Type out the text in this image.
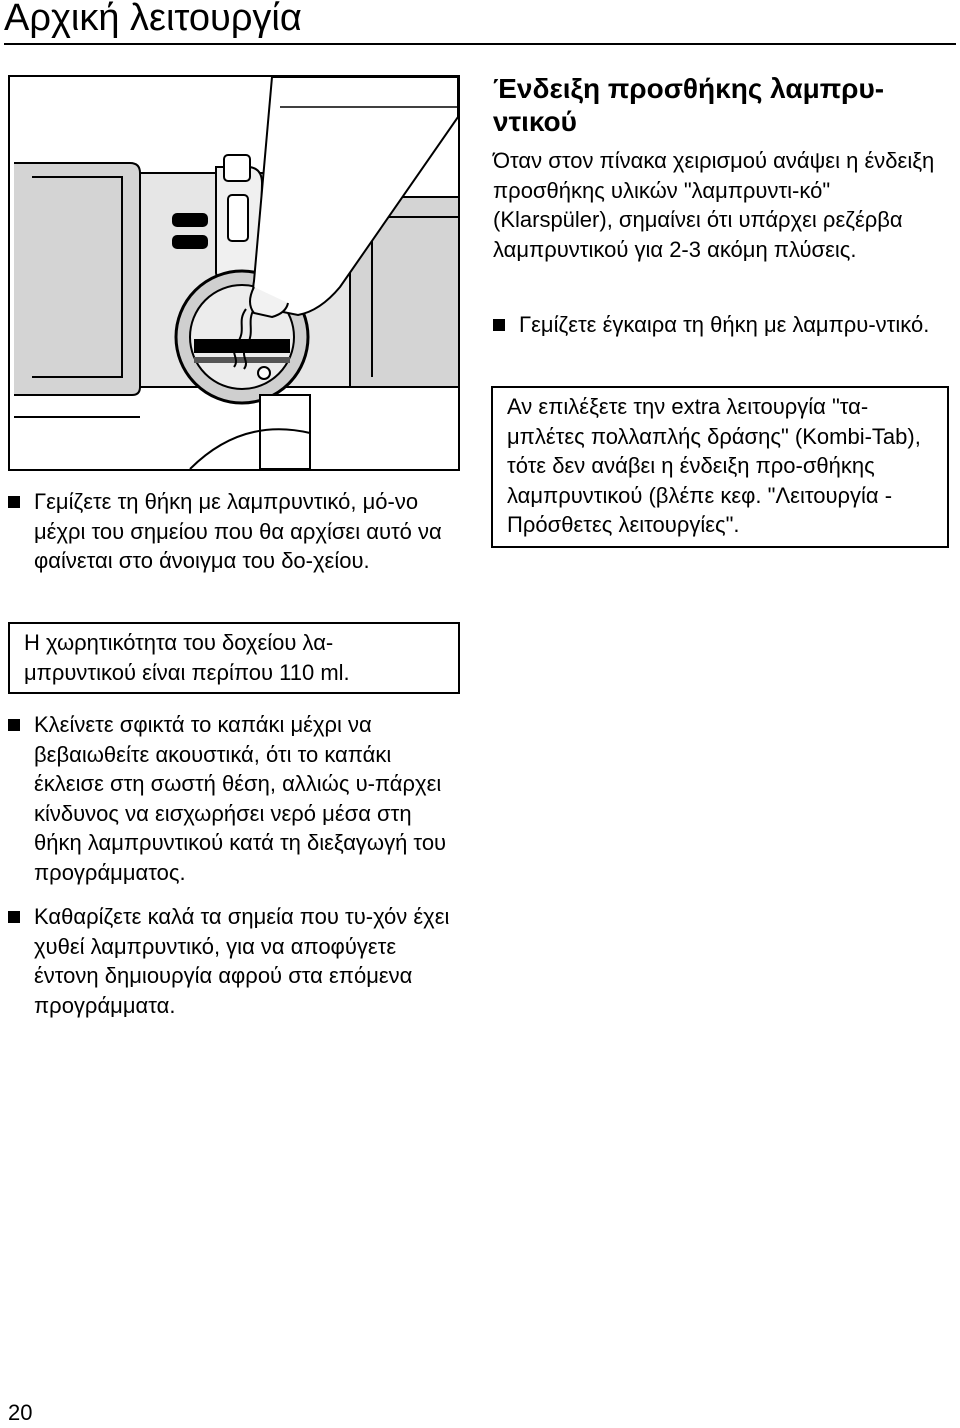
Αρχική λειτουργία
Γεμίζετε τη θήκη με λαμπρυντικό, μό-νο μέχρι του σημείου που θα αρχίσει αυτό να φαίνεται στο άνοιγμα του δο-χείου.
Η χωρητικότητα του δοχείου λα-μπρυντικού είναι περίπου 110 ml.
Κλείνετε σφικτά το καπάκι μέχρι να βεβαιωθείτε ακουστικά, ότι το καπάκι έκλεισε στη σωστή θέση, αλλιώς υ-πάρχει κίνδυνος να εισχωρήσει νερό μέσα στη θήκη λαμπρυντικού κατά τη διεξαγωγή του προγράμματος.
Καθαρίζετε καλά τα σημεία που τυ-χόν έχει χυθεί λαμπρυντικό, για να αποφύγετε έντονη δημιουργία αφρού στα επόμενα προγράμματα.
Ένδειξη προσθήκης λαμπρυ-ντικού
Όταν στον πίνακα χειρισμού ανάψει η ένδειξη προσθήκης υλικών "λαμπρυντι-κό" (Klarspüler), σημαίνει ότι υπάρχει ρεζέρβα λαμπρυντικού για 2-3 ακόμη πλύσεις.
Γεμίζετε έγκαιρα τη θήκη με λαμπρυ-ντικό.
Αν επιλέξετε την extra λειτουργία "τα-μπλέτες πολλαπλής δράσης" (Kombi-Tab), τότε δεν ανάβει η ένδειξη προ-σθήκης λαμπρυντικού (βλέπε κεφ. "Λειτουργία - Πρόσθετες λειτουργίες".
20
